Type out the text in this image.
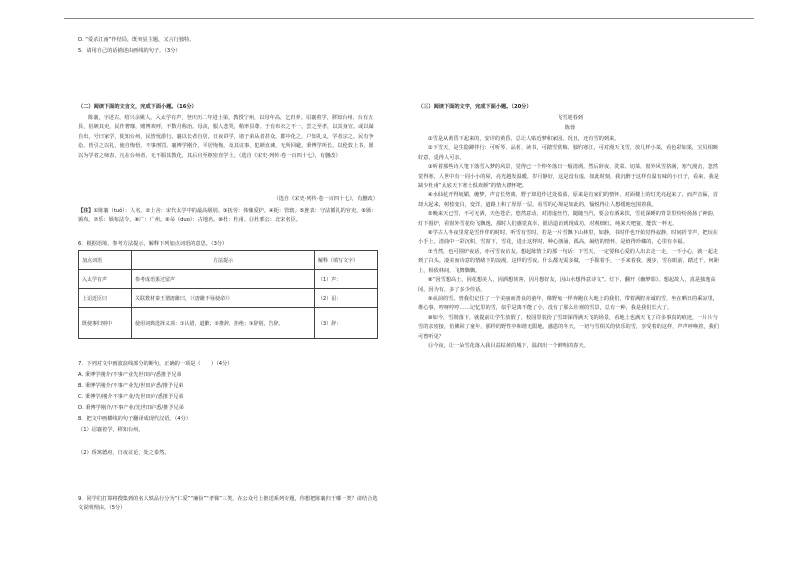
D. “爱杀江南”作结局，既突显主题，又言行独特。
5．请用自己的话描述由画线的句子。（3分）
（二）阅读下面的文言文，完成下面小题。（16分）
陈襄，字述古，绍兴余姚人。入太学有声，登庆历二年进士第，教授宁州，以母年高，乞归养。诏襄着学，移知台州，台有五县，俗嫉其吏，民作奢靡，赌博欢呼，不数月称治。母丧，服人悲哭，稍率县尊。于有布衣之不一，尝之至孝，以其身宣。或以谋自出，号曰家学，徙知台州，民皆忧游行。襄以长者自居，日夜讲学，诸子弟从者甚众，郡中化之，户知礼义，学者宗之。民有争讼，皆引之以礼，使自悔悟，不事刑罚。襄博学刚介，平居恂恂，及其议事，犯颜直谏，无所回避。秉博学所长，以伦敦上书，愿以为学者之师表，凡在台州者，无不服其教化，其后官至枢密直学士。（选自《宋史·列传·卷一百四十七》，有删改）
（选自《宋史·列传·卷一百四十七》，有删改）
【注】①陈襄（tuǒ）：人名。②上舍：宋代太学中的最高级别。③抚劳：体恤爱护。④扼：管辖。⑤旌表：守法循礼的官吏。⑥颁：颁布。⑦乐：颁布法令。⑧广：广州。⑨朵（duo）：古地名。⑩杜：杜甫。⑪杜邪公：北宋名臣。
6．根据语境，参考方法提示，解释下列加点词语的意思。（3分）
加点词语	方法提示	解释（填写文字）
入太学有声	参考成语果过留声	（1）声：
上诏近臣曰	关联教材秦王谓唐雎曰，（《唐雎不辱使命》）	（2）诏：
既使事归则中	使用词典选择义项：①认错，道歉；②推辞，拒绝；③辞别，告辞。	（3）辞：
7．下列对文中画波浪线部分的断句，正确的一项是（　　）（4分）
A. 秉博学刚介/不事产业先世田庐/悉推予兄弟
B. 秉博学刚介/不事产业先/世田庐悉/推予兄弟
C. 秉博学/刚介不事产业/先世田庐/悉推予兄弟
D. 秉博学刚介/不事产业/先世田庐悉/推予兄弟
8．把文中画横线的句子翻译成现代汉语。（4分）
（1）诏襄着学，移知台州。
（2）侨寓德府，日夜议论，处之泰然。
9．同学们打算将搜集到的名人轶品行分为“仁爱”“廉俭”“孝悌”三类，在公众号上推送系列专题，你想把陈襄归于哪一类？请结合选文说明理由。（5分）
（三）阅读下面的文字，完成下面小题。（20分）
飞雪迎春到
陈蓉
①雪是从黄昏下起来的，安详的黄昏，总让人贴近梦和家园，况且，还有雪的到来。
②下雪天，是生隐蹲伴行：可听琴、品茗、读书，可踏雪赏梅、独钓寒江，可对漫天飞雪，放几样小菜，看色彩如果，宝贝相映好意，觅得人可亲。
③听着那些诗人笔下落雪入梦的风景，觉得已一个仲冬落日一般清冽。然后辞夜、洗菜、切菜，窗外风雪挤满，寒气漫击，忽然觉得寒，人世中有一同小小的屋，亮光越发温暖，岁月静好，这是没有虚，如此时刻，我沉醉于这样有温有味的小日子，看来，我是缺少杜甫“太底天下寒士俱欢颜”的情大襟怀吧。
④水仙花开得妩媚，缠梦，声音长势离，野子却进作过处盈盈，原来是有家们的情怀，对面楼上的灯光亮起来了，而声音匾，首却大起来，树枝变白，变洋，道路上积了厚厚一层，看雪的心境是如此的，愉悦得让人想缓地包围着我。
⑤晚来天已雪，不可无酒，天色苍茫，悠然意动，对清虚丝竹，随随当汽，要会有酒来饮，雪花深睡的背景里纷纷扬扬了神韵，灯下围炉，看窗外雪花纷飞飘逸，那时人们感觉真幸，银话造访到现成功，对观细红，纯来天吧宴，能饮一杯无。
⑥学古人冬夜里常是雪作伴的时时，听雪有雪时，若是一片雪飘下山林里，如静，书时伴也开始觉得寂静，时间折节声，把玩在小手上，清曲中一彩沉积，雪窗下，雪花，进止这样时，种心汹涌，孤高，凝结的情怀，是值得珍藏的，心里有幸福。
⑦当然，也可围炉夜话，亦可雪夜访友。想起陈情上的那一句话：下雪天，一定要和心爱的人出去走一走，一不小心，就一起走到了白头。凄美而诗意的情绪下的浪漫，这样的雪夜，什么都无需多做，一手握着手，一手来着我，漫步，雪在眼前，踏过千，何距上，相依林间，飞舞飘飘。
⑧“因雪想高士，因花想美人，因酒想侠客，因月想好友，因山水想得意诗文”。灯下，翻开《幽梦影》。想起故人，真是独逸高冈，因为有，多了多少佳话。
⑨从前的雪，曾我们记住了一个美丽而善良的童年，像野兔一样奔跑在大地上的我们，带着满腔赤诚的雪，坐在晒日的乘凉里，堆心事，哼呀哼哼……记忆里的雪，似乎是离不能了小，没有了那么壮观的雪景，总有一种，我是我们长大了。
⑩如今，雪削落下，就提前让学生放假了，校园里装扮了雪却深得满天飞的场景，看地上也满天飞了许多事真的痕迹，一片片与雪的亲密接，仿佛回了童年，那样的野性中和谐无限地，感恩的冬天，一切与雪相关的快乐的雪，享受着的这样，声声呼唤着，我们可曾听见？
⑪今夜，让一朵雪花落入我目益枯黄的城下，温润出一个鲜明的春天。
